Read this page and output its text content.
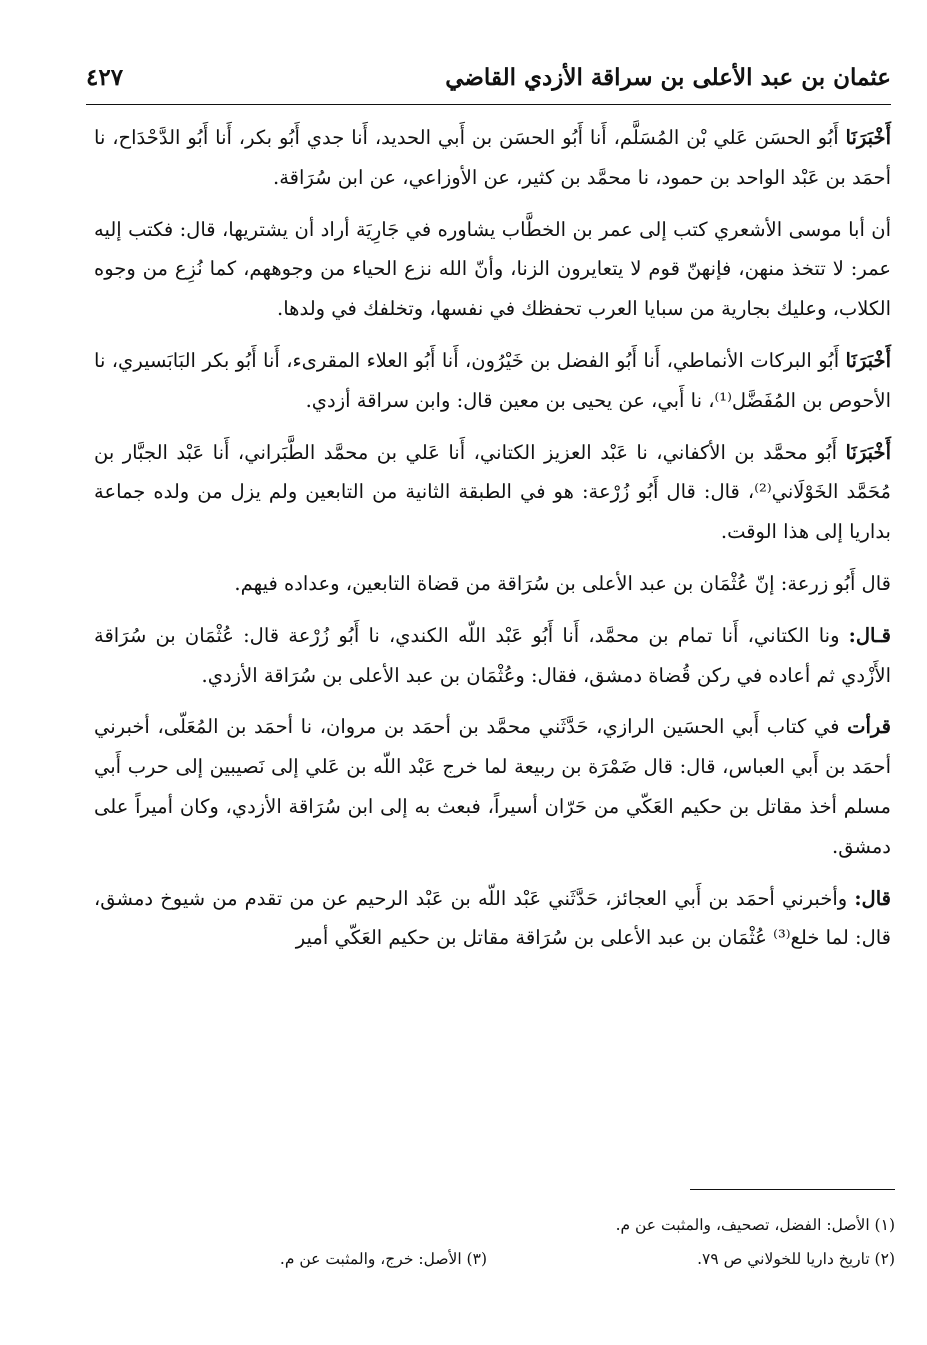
عثمان بن عبد الأعلى بن سراقة الأزدي القاضي
٤٢٧

أَخْبَرَنَا أَبُو الحسَن عَلي بْن المُسَلَّم، أَنا أَبُو الحسَن بن أَبي الحديد، أَنا جدي أَبُو بكر، أَنا أَبُو الدَّحْدَاح، نا أحمَد بن عَبْد الواحد بن حمود، نا محمَّد بن كثير، عن الأوزاعي، عن ابن سُرَاقة.

أن أبا موسى الأشعري كتب إلى عمر بن الخطَّاب يشاوره في جَارِيَة أراد أن يشتريها، قال: فكتب إليه عمر: لا تتخذ منهن، فإنهنّ قوم لا يتعايرون الزنا، وأنّ الله نزع الحياء من وجوههم، كما نُزِع من وجوه الكلاب، وعليك بجارية من سبايا العرب تحفظك في نفسها، وتخلفك في ولدها.

أَخْبَرَنَا أَبُو البركات الأنماطي، أَنا أَبُو الفضل بن خَيْرُون، أَنا أَبُو العلاء المقرىء، أَنا أَبُو بكر البَابَسيري، نا الأحوص بن المُفَضَّل⁽¹⁾، نا أَبي، عن يحيى بن معين قال: وابن سراقة أزدي.

أَخْبَرَنَا أَبُو محمَّد بن الأكفاني، نا عَبْد العزيز الكتاني، أَنا عَلي بن محمَّد الطَّبَراني، أَنا عَبْد الجبَّار بن مُحَمَّد الخَوْلَاني⁽²⁾، قال: قال أَبُو زُرْعة: هو في الطبقة الثانية من التابعين ولم يزل من ولده جماعة بداريا إلى هذا الوقت.

قال أَبُو زرعة: إنّ عُثْمَان بن عبد الأعلى بن سُرَاقة من قضاة التابعين، وعداده فيهم.

قـال: ونا الكتاني، أَنا تمام بن محمَّد، أَنا أَبُو عَبْد اللّه الكندي، نا أَبُو زُرْعة قال: عُثْمَان بن سُرَاقة الأَزْدي ثم أعاده في ركن قُضاة دمشق، فقال: وعُثْمَان بن عبد الأعلى بن سُرَاقة الأزدي.

قرأت في كتاب أَبي الحسَين الرازي، حَدَّثَني محمَّد بن أحمَد بن مروان، نا أحمَد بن المُعَلّى، أخبرني أحمَد بن أَبي العباس، قال: قال ضَمْرَة بن ربيعة لما خرج عَبْد اللّه بن عَلي إلى نَصيبين إلى حرب أَبي مسلم أخذ مقاتل بن حكيم العَكّي من حَرّان أسيراً، فبعث به إلى ابن سُرَاقة الأزدي، وكان أميراً على دمشق.

قال: وأخبرني أحمَد بن أَبي العجائز، حَدَّثَني عَبْد اللّه بن عَبْد الرحيم عن من تقدم من شيوخ دمشق، قال: لما خلع⁽³⁾ عُثْمَان بن عبد الأعلى بن سُرَاقة مقاتل بن حكيم العَكّي أمير

(١) الأصل: الفضل، تصحيف، والمثبت عن م.
(٢) تاريخ داريا للخولاني ص ٧٩.
(٣) الأصل: خرج، والمثبت عن م.
